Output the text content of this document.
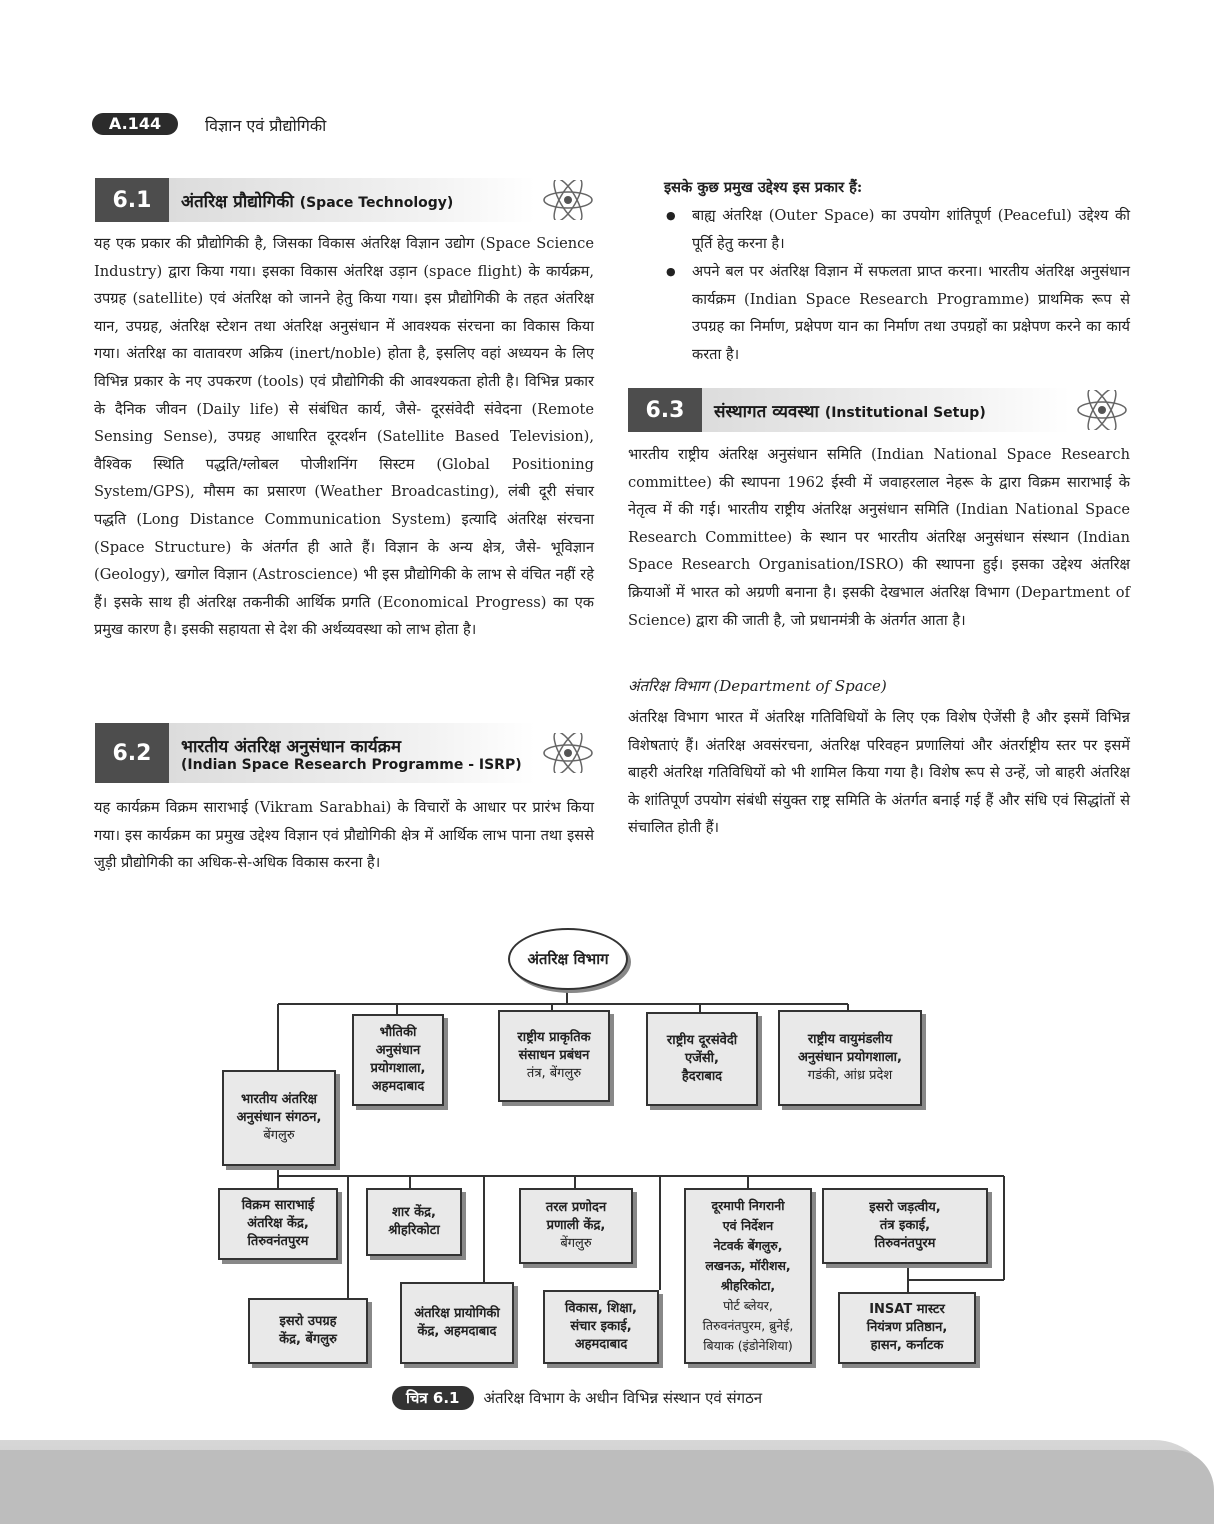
A.144	विज्ञान एवं प्रौद्योगिकी
6.1	अंतरिक्ष प्रौद्योगिकी (Space Technology)

यह एक प्रकार की प्रौद्योगिकी है, जिसका विकास अंतरिक्ष विज्ञान उद्योग (Space Science Industry) द्वारा किया गया। इसका विकास अंतरिक्ष उड़ान (space flight) के कार्यक्रम, उपग्रह (satellite) एवं अंतरिक्ष को जानने हेतु किया गया। इस प्रौद्योगिकी के तहत अंतरिक्ष यान, उपग्रह, अंतरिक्ष स्टेशन तथा अंतरिक्ष अनुसंधान में आवश्यक संरचना का विकास किया गया। अंतरिक्ष का वातावरण अक्रिय (inert/noble) होता है, इसलिए वहां अध्ययन के लिए विभिन्न प्रकार के नए उपकरण (tools) एवं प्रौद्योगिकी की आवश्यकता होती है। विभिन्न प्रकार के दैनिक जीवन (Daily life) से संबंधित कार्य, जैसे- दूरसंवेदी संवेदना (Remote Sensing Sense), उपग्रह आधारित दूरदर्शन (Satellite Based Television), वैश्विक स्थिति पद्धति/ग्लोबल पोजीशनिंग सिस्टम (Global Positioning System/GPS), मौसम का प्रसारण (Weather Broadcasting), लंबी दूरी संचार पद्धति (Long Distance Communication System) इत्यादि अंतरिक्ष संरचना (Space Structure) के अंतर्गत ही आते हैं। विज्ञान के अन्य क्षेत्र, जैसे- भूविज्ञान (Geology), खगोल विज्ञान (Astroscience) भी इस प्रौद्योगिकी के लाभ से वंचित नहीं रहे हैं। इसके साथ ही अंतरिक्ष तकनीकी आर्थिक प्रगति (Economical Progress) का एक प्रमुख कारण है। इसकी सहायता से देश की अर्थव्यवस्था को लाभ होता है।

6.2	भारतीय अंतरिक्ष अनुसंधान कार्यक्रम
(Indian Space Research Programme - ISRP)

यह कार्यक्रम विक्रम साराभाई (Vikram Sarabhai) के विचारों के आधार पर प्रारंभ किया गया। इस कार्यक्रम का प्रमुख उद्देश्य विज्ञान एवं प्रौद्योगिकी क्षेत्र में आर्थिक लाभ पाना तथा इससे जुड़ी प्रौद्योगिकी का अधिक-से-अधिक विकास करना है।

इसके कुछ प्रमुख उद्देश्य इस प्रकार हैं:

● बाह्य अंतरिक्ष (Outer Space) का उपयोग शांतिपूर्ण (Peaceful) उद्देश्य की पूर्ति हेतु करना है।

● अपने बल पर अंतरिक्ष विज्ञान में सफलता प्राप्त करना। भारतीय अंतरिक्ष अनुसंधान कार्यक्रम (Indian Space Research Programme) प्राथमिक रूप से उपग्रह का निर्माण, प्रक्षेपण यान का निर्माण तथा उपग्रहों का प्रक्षेपण करने का कार्य करता है।

6.3	संस्थागत व्यवस्था (Institutional Setup)

भारतीय राष्ट्रीय अंतरिक्ष अनुसंधान समिति (Indian National Space Research committee) की स्थापना 1962 ईस्वी में जवाहरलाल नेहरू के द्वारा विक्रम साराभाई के नेतृत्व में की गई। भारतीय राष्ट्रीय अंतरिक्ष अनुसंधान समिति (Indian National Space Research Committee) के स्थान पर भारतीय अंतरिक्ष अनुसंधान संस्थान (Indian Space Research Organisation/ISRO) की स्थापना हुई। इसका उद्देश्य अंतरिक्ष क्रियाओं में भारत को अग्रणी बनाना है। इसकी देखभाल अंतरिक्ष विभाग (Department of Science) द्वारा की जाती है, जो प्रधानमंत्री के अंतर्गत आता है।

अंतरिक्ष विभाग (Department of Space)

अंतरिक्ष विभाग भारत में अंतरिक्ष गतिविधियों के लिए एक विशेष ऐजेंसी है और इसमें विभिन्न विशेषताएं हैं। अंतरिक्ष अवसंरचना, अंतरिक्ष परिवहन प्रणालियां और अंतर्राष्ट्रीय स्तर पर इसमें बाहरी अंतरिक्ष गतिविधियों को भी शामिल किया गया है। विशेष रूप से उन्हें, जो बाहरी अंतरिक्ष के शांतिपूर्ण उपयोग संबंधी संयुक्त राष्ट्र समिति के अंतर्गत बनाई गई हैं और संधि एवं सिद्धांतों से संचालित होती हैं।

अंतरिक्ष विभाग
भौतिकी
अनुसंधान
प्रयोगशाला,
अहमदाबाद
राष्ट्रीय प्राकृतिक
संसाधन प्रबंधन
तंत्र, बेंगलुरु
राष्ट्रीय दूरसंवेदी
एजेंसी,
हैदराबाद
राष्ट्रीय वायुमंडलीय
अनुसंधान प्रयोगशाला,
गडंकी, आंध्र प्रदेश
भारतीय अंतरिक्ष
अनुसंधान संगठन,
बेंगलुरु
विक्रम साराभाई
अंतरिक्ष केंद्र,
तिरुवनंतपुरम
शार केंद्र,
श्रीहरिकोटा
तरल प्रणोदन
प्रणाली केंद्र,
बेंगलुरु
दूरमापी निगरानी
एवं निर्देशन
नेटवर्क बेंगलुरु,
लखनऊ, मॉरीशस,
श्रीहरिकोटा,
पोर्ट ब्लेयर,
तिरुवनंतपुरम, ब्रुनेई,
बियाक (इंडोनेशिया)
इसरो जड़त्वीय,
तंत्र इकाई,
तिरुवनंतपुरम
इसरो उपग्रह
केंद्र, बेंगलुरु
अंतरिक्ष प्रायोगिकी
केंद्र, अहमदाबाद
विकास, शिक्षा,
संचार इकाई,
अहमदाबाद
INSAT मास्टर
नियंत्रण प्रतिष्ठान,
हासन, कर्नाटक
चित्र 6.1	अंतरिक्ष विभाग के अधीन विभिन्न संस्थान एवं संगठन
